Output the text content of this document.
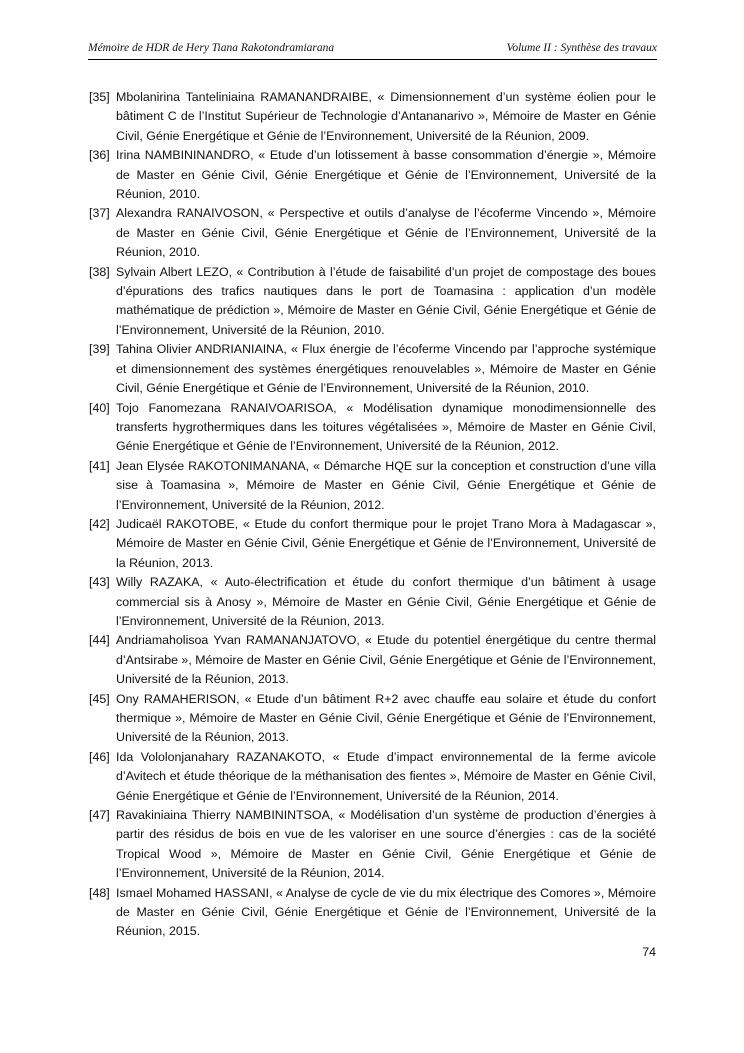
Mémoire de HDR de Hery Tiana Rakotondramiarana	Volume II : Synthèse des travaux
[35] Mbolanirina Tanteliniaina RAMANANDRAIBE, « Dimensionnement d’un système éolien pour le bâtiment C de l’Institut Supérieur de Technologie d’Antananarivo », Mémoire de Master en Génie Civil, Génie Energétique et Génie de l’Environnement, Université de la Réunion, 2009.
[36] Irina NAMBININANDRO, « Etude d’un lotissement à basse consommation d’énergie », Mémoire de Master en Génie Civil, Génie Energétique et Génie de l’Environnement, Université de la Réunion, 2010.
[37] Alexandra RANAIVOSON, « Perspective et outils d’analyse de l’écoferme Vincendo », Mémoire de Master en Génie Civil, Génie Energétique et Génie de l’Environnement, Université de la Réunion, 2010.
[38] Sylvain Albert LEZO, « Contribution à l’étude de faisabilité d’un projet de compostage des boues d’épurations des trafics nautiques dans le port de Toamasina : application d’un modèle mathématique de prédiction », Mémoire de Master en Génie Civil, Génie Energétique et Génie de l’Environnement, Université de la Réunion, 2010.
[39] Tahina Olivier ANDRIANIAINA, « Flux énergie de l’écoferme Vincendo par l’approche systémique et dimensionnement des systèmes énergétiques renouvelables », Mémoire de Master en Génie Civil, Génie Energétique et Génie de l’Environnement, Université de la Réunion, 2010.
[40] Tojo Fanomezana RANAIVOARISOA, « Modélisation dynamique monodimensionnelle des transferts hygrothermiques dans les toitures végétalisées », Mémoire de Master en Génie Civil, Génie Energétique et Génie de l’Environnement, Université de la Réunion, 2012.
[41] Jean Elysée RAKOTONIMANANA, « Démarche HQE sur la conception et construction d’une villa sise à Toamasina », Mémoire de Master en Génie Civil, Génie Energétique et Génie de l’Environnement, Université de la Réunion, 2012.
[42] Judicaël RAKOTOBE, « Etude du confort thermique pour le projet Trano Mora à Madagascar », Mémoire de Master en Génie Civil, Génie Energétique et Génie de l’Environnement, Université de la Réunion, 2013.
[43] Willy RAZAKA, « Auto-électrification et étude du confort thermique d’un bâtiment à usage commercial sis à Anosy », Mémoire de Master en Génie Civil, Génie Energétique et Génie de l’Environnement, Université de la Réunion, 2013.
[44] Andriamaholisoa Yvan RAMANANJATOVO, « Etude du potentiel énergétique du centre thermal d’Antsirabe », Mémoire de Master en Génie Civil, Génie Energétique et Génie de l’Environnement, Université de la Réunion, 2013.
[45] Ony RAMAHERISON, « Etude d’un bâtiment R+2 avec chauffe eau solaire et étude du confort thermique », Mémoire de Master en Génie Civil, Génie Energétique et Génie de l’Environnement, Université de la Réunion, 2013.
[46] Ida Vololonjanahary RAZANAKOTO, « Etude d’impact environnemental de la ferme avicole d’Avitech et étude théorique de la méthanisation des fientes », Mémoire de Master en Génie Civil, Génie Energétique et Génie de l’Environnement, Université de la Réunion, 2014.
[47] Ravakiniaina Thierry NAMBININTSOA, « Modélisation d’un système de production d’énergies à partir des résidus de bois en vue de les valoriser en une source d’énergies : cas de la société Tropical Wood », Mémoire de Master en Génie Civil, Génie Energétique et Génie de l’Environnement, Université de la Réunion, 2014.
[48] Ismael Mohamed HASSANI, « Analyse de cycle de vie du mix électrique des Comores », Mémoire de Master en Génie Civil, Génie Energétique et Génie de l’Environnement, Université de la Réunion, 2015.
74
